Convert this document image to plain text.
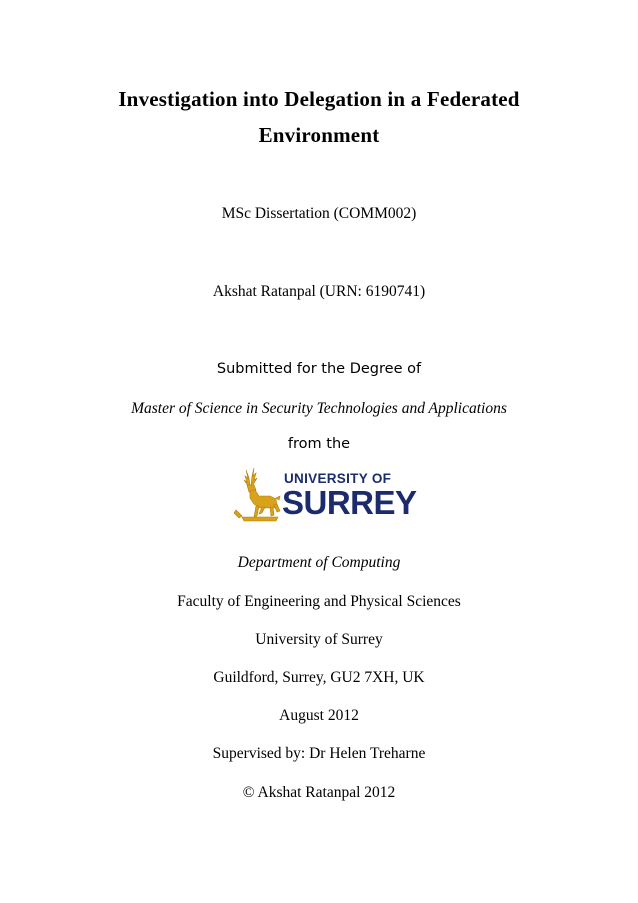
Investigation into Delegation in a Federated
Environment
MSc Dissertation (COMM002)
Akshat Ratanpal (URN: 6190741)
Submitted for the Degree of
Master of Science in Security Technologies and Applications
from the
UNIVERSITY OF
SURREY
Department of Computing
Faculty of Engineering and Physical Sciences
University of Surrey
Guildford, Surrey, GU2 7XH, UK
August 2012
Supervised by: Dr Helen Treharne
© Akshat Ratanpal 2012
